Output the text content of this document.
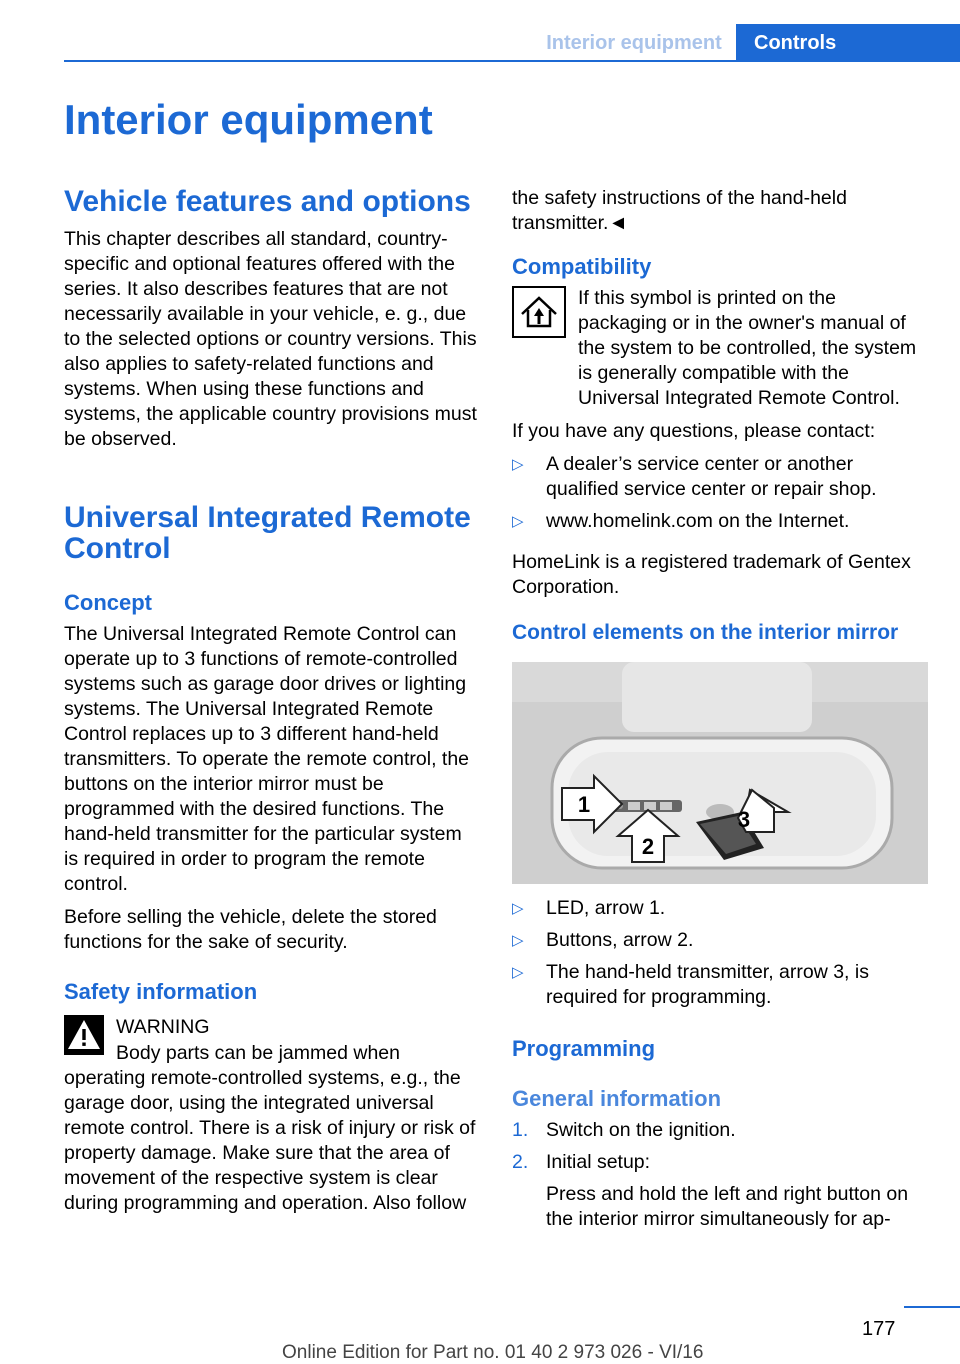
Interior equipment	Controls
Interior equipment
Vehicle features and options

This chapter describes all standard, country-specific and optional features offered with the series. It also describes features that are not necessarily available in your vehicle, e. g., due to the selected options or country versions. This also applies to safety-related functions and systems. When using these functions and systems, the applicable country provisions must be observed.

Universal Integrated Remote Control
Concept

The Universal Integrated Remote Control can operate up to 3 functions of remote-controlled systems such as garage door drives or lighting systems. The Universal Integrated Remote Control replaces up to 3 different hand-held transmitters. To operate the remote control, the buttons on the interior mirror must be programmed with the desired functions. The hand-held transmitter for the particular system is required in order to program the remote control.

Before selling the vehicle, delete the stored functions for the sake of security.

Safety information
WARNING

Body parts can be jammed when operating remote-controlled systems, e.g., the garage door, using the integrated universal remote control. There is a risk of injury or risk of property damage. Make sure that the area of movement of the respective system is clear during programming and operation. Also follow

the safety instructions of the hand-held transmitter.◄

Compatibility

If this symbol is printed on the packaging or in the owner's manual of the system to be controlled, the system is generally compatible with the Universal Integrated Remote Control.

If you have any questions, please contact:

▷ A dealer’s service center or another qualified service center or repair shop.
▷ www.homelink.com on the Internet.

HomeLink is a registered trademark of Gentex Corporation.

Control elements on the interior mirror
1
2
3
▷ LED, arrow 1.
▷ Buttons, arrow 2.
▷ The hand-held transmitter, arrow 3, is required for programming.
Programming
General information
1. Switch on the ignition.
2. Initial setup:

Press and hold the left and right button on the interior mirror simultaneously for ap-

177
Online Edition for Part no. 01 40 2 973 026 - VI/16
